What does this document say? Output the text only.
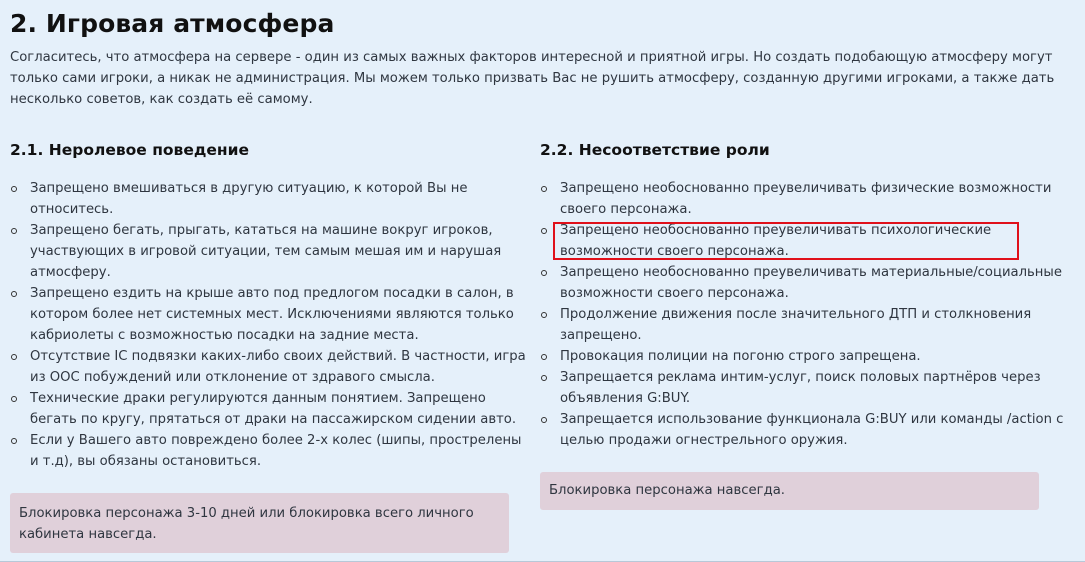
2. Игровая атмосфера

Согласитесь, что атмосфера на сервере - один из самых важных факторов интересной и приятной игры. Но создать подобающую атмосферу могут только сами игроки, а никак не администрация. Мы можем только призвать Вас не рушить атмосферу, созданную другими игроками, а также дать несколько советов, как создать её самому.

2.1. Неролевое поведение
Запрещено вмешиваться в другую ситуацию, к которой Вы не относитесь.
Запрещено бегать, прыгать, кататься на машине вокруг игроков, участвующих в игровой ситуации, тем самым мешая им и нарушая атмосферу.
Запрещено ездить на крыше авто под предлогом посадки в салон, в котором более нет системных мест. Исключениями являются только кабриолеты с возможностью посадки на задние места.
Отсутствие IC подвязки каких-либо своих действий. В частности, игра из OOC побуждений или отклонение от здравого смысла.
Технические драки регулируются данным понятием. Запрещено бегать по кругу, прятаться от драки на пассажирском сидении авто.
Если у Вашего авто повреждено более 2-х колес (шипы, прострелены и т.д), вы обязаны остановиться.
Блокировка персонажа 3-10 дней или блокировка всего личного кабинета навсегда.
2.2. Несоответствие роли
Запрещено необоснованно преувеличивать физические возможности своего персонажа.
Запрещено необоснованно преувеличивать психологические возможности своего персонажа.
Запрещено необоснованно преувеличивать материальные/социальные возможности своего персонажа.
Продолжение движения после значительного ДТП и столкновения запрещено.
Провокация полиции на погоню строго запрещена.
Запрещается реклама интим-услуг, поиск половых партнёров через объявления G:BUY.
Запрещается использование функционала G:BUY или команды /action с целью продажи огнестрельного оружия.
Блокировка персонажа навсегда.
